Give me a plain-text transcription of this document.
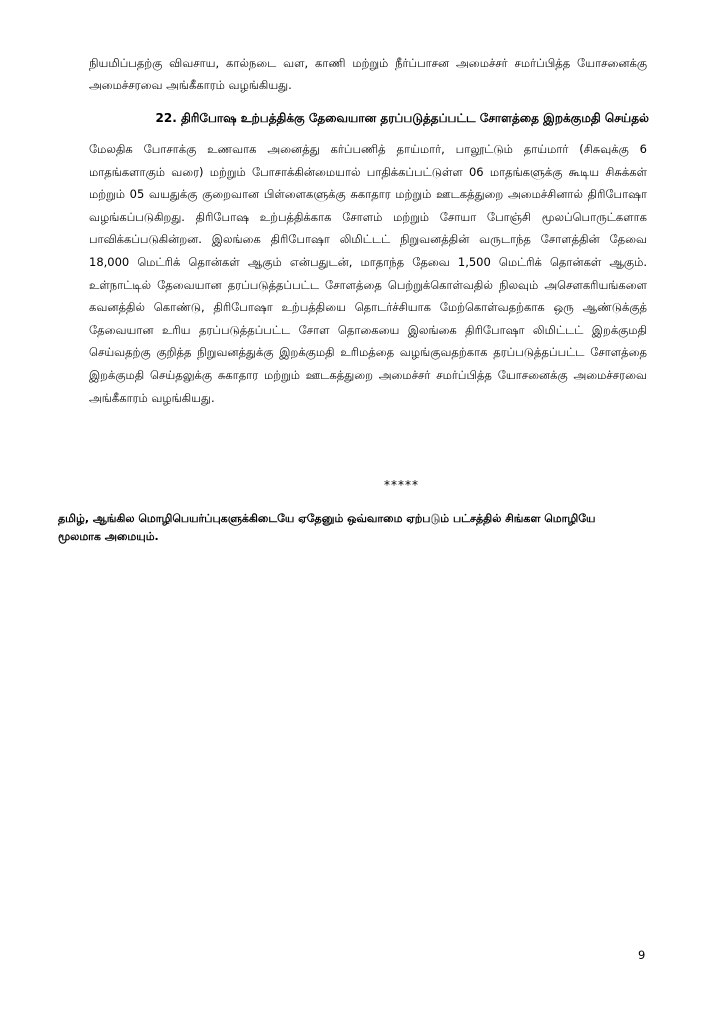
நியமிப்பதற்கு விவசாய, கால்நடை வள, காணி மற்றும் நீர்ப்பாசன அமைச்சர் சமர்ப்பித்த யோசனைக்கு அமைச்சரவை அங்கீகாரம் வழங்கியது.

22. திரிபோஷ உற்பத்திக்கு தேவையான தரப்படுத்தப்பட்ட சோளத்தை இறக்குமதி செய்தல்

மேலதிக போசாக்கு உணவாக அனைத்து கர்ப்பணித் தாய்மார், பாலூட்டும் தாய்மார் (சிசுவுக்கு 6 மாதங்களாகும் வரை) மற்றும் போசாக்கின்மையால் பாதிக்கப்பட்டுள்ள 06 மாதங்களுக்கு கூடிய சிசுக்கள் மற்றும் 05 வயதுக்கு குறைவான பிள்ளைகளுக்கு சுகாதார மற்றும் ஊடகத்துறை அமைச்சினால் திரிபோஷா வழங்கப்படுகிறது. திரிபோஷ உற்பத்திக்காக சோளம் மற்றும் சோயா போஞ்சி மூலப்பொருட்களாக பாவிக்கப்படுகின்றன. இலங்கை திரிபோஷா லிமிட்டட் நிறுவனத்தின் வருடாந்த சோளத்தின் தேவை 18,000 மெட்ரிக் தொன்கள் ஆகும் என்பதுடன், மாதாந்த தேவை 1,500 மெட்ரிக் தொன்கள் ஆகும். உள்நாட்டில் தேவையான தரப்படுத்தப்பட்ட சோளத்தை பெற்றுக்கொள்வதில் நிலவும் அசௌகரியங்களை கவனத்தில் கொண்டு, திரிபோஷா உற்பத்தியை தொடர்ச்சியாக மேற்கொள்வதற்காக ஒரு ஆண்டுக்குத் தேவையான உரிய தரப்படுத்தப்பட்ட சோள தொகையை இலங்கை திரிபோஷா லிமிட்டட் இறக்குமதி செய்வதற்கு குறித்த நிறுவனத்துக்கு இறக்குமதி உரிமத்தை வழங்குவதற்காக தரப்படுத்தப்பட்ட சோளத்தை இறக்குமதி செய்தலுக்கு சுகாதார மற்றும் ஊடகத்துறை அமைச்சர் சமர்ப்பித்த யோசனைக்கு அமைச்சரவை அங்கீகாரம் வழங்கியது.

*****

தமிழ், ஆங்கில மொழிபெயர்ப்புகளுக்கிடையே ஏதேனும் ஒவ்வாமை ஏற்படும் பட்சத்தில் சிங்கள மொழியே மூலமாக அமையும்.

9
